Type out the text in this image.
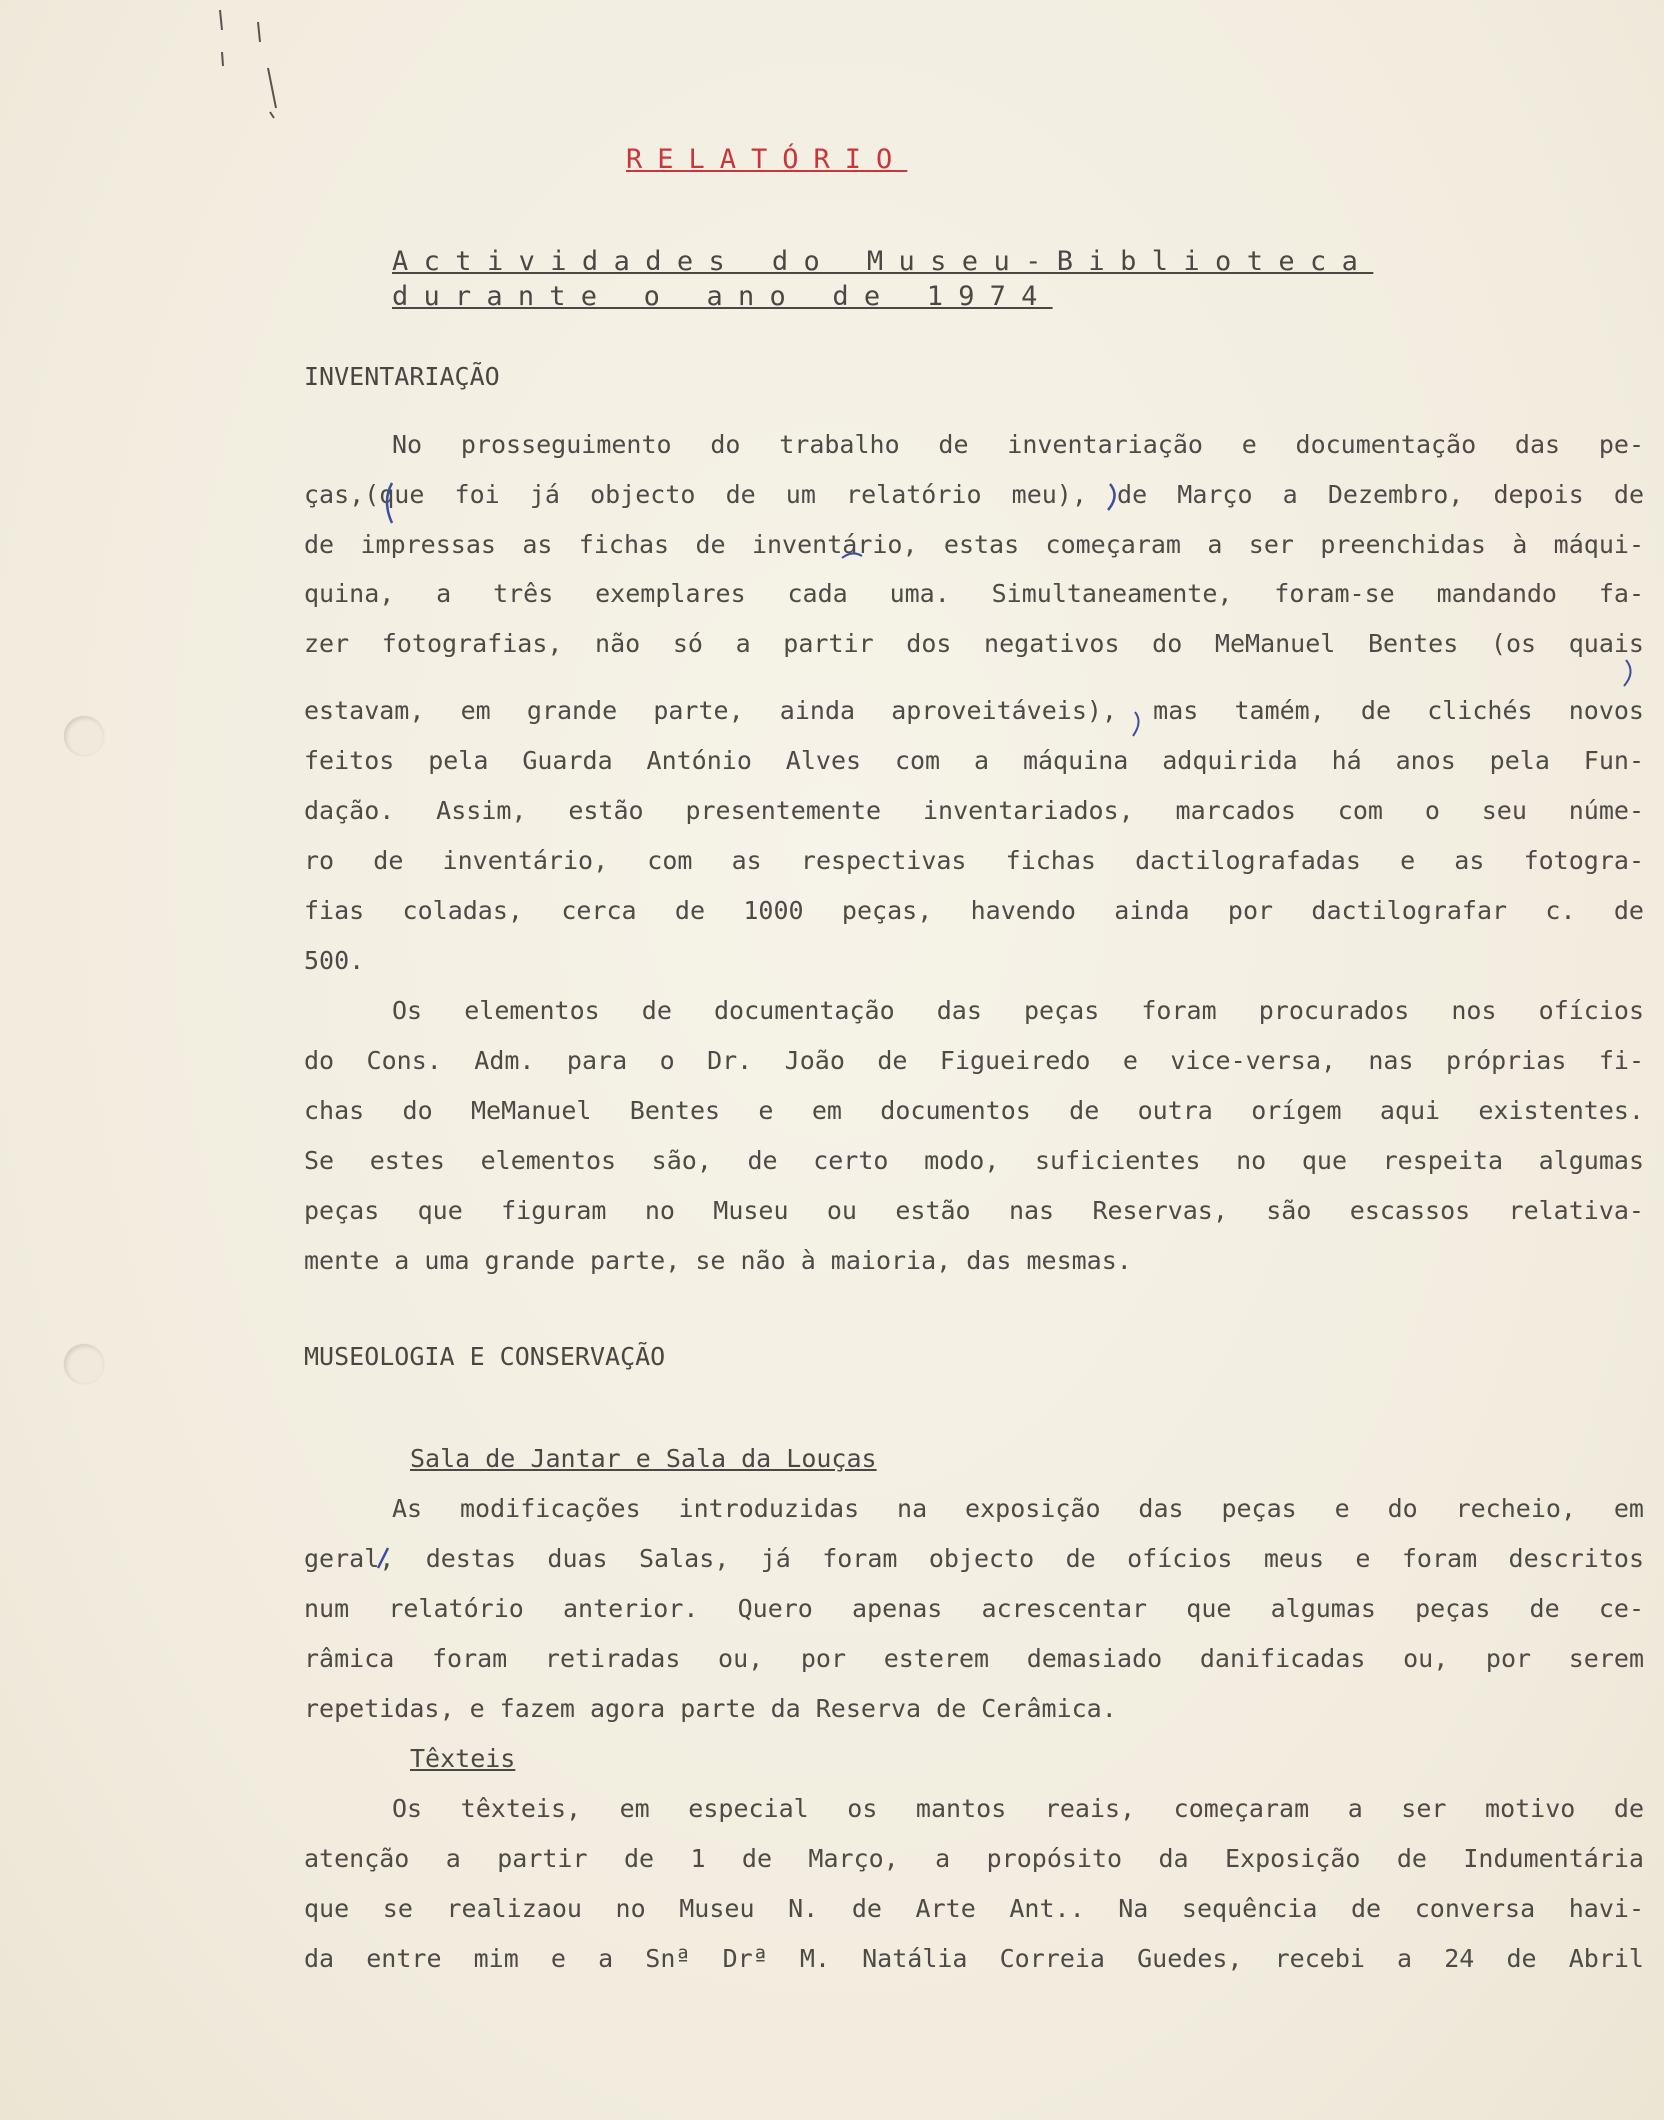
RELATÓRIO
Actividades do Museu-Biblioteca
durante o ano de 1974
INVENTARIAÇÃO
No prosseguimento do trabalho de inventariação e documentação das pe-
ças,(que foi já objecto de um relatório meu), de Março a Dezembro, depois de
de impressas as fichas de inventário, estas começaram a ser preenchidas à máqui-
quina, a três exemplares cada uma. Simultaneamente, foram-se mandando fa-
zer fotografias, não só a partir dos negativos do MeManuel Bentes (os quais
estavam, em grande parte, ainda aproveitáveis), mas tamém, de clichés novos
feitos pela Guarda António Alves com a máquina adquirida há anos pela Fun-
dação. Assim, estão presentemente inventariados, marcados com o seu núme-
ro de inventário, com as respectivas fichas dactilografadas e as fotogra-
fias coladas, cerca de 1000 peças, havendo ainda por dactilografar c. de
500.
Os elementos de documentação das peças foram procurados nos ofícios
do Cons. Adm. para o Dr. João de Figueiredo e vice-versa, nas próprias fi-
chas do MeManuel Bentes e em documentos de outra orígem aqui existentes.
Se estes elementos são, de certo modo, suficientes no que respeita algumas
peças que figuram no Museu ou estão nas Reservas, são escassos relativa-
mente a uma grande parte, se não à maioria, das mesmas.
MUSEOLOGIA E CONSERVAÇÃO
Sala de Jantar e Sala da Louças
As modificações introduzidas na exposição das peças e do recheio, em
geral, destas duas Salas, já foram objecto de ofícios meus e foram descritos
num relatório anterior. Quero apenas acrescentar que algumas peças de ce-
râmica foram retiradas ou, por esterem demasiado danificadas ou, por serem
repetidas, e fazem agora parte da Reserva de Cerâmica.
Têxteis
Os têxteis, em especial os mantos reais, começaram a ser motivo de
atenção a partir de 1 de Março, a propósito da Exposição de Indumentária
que se realizaou no Museu N. de Arte Ant.. Na sequência de conversa havi-
da entre mim e a Snª Drª M. Natália Correia Guedes, recebi a 24 de Abril
